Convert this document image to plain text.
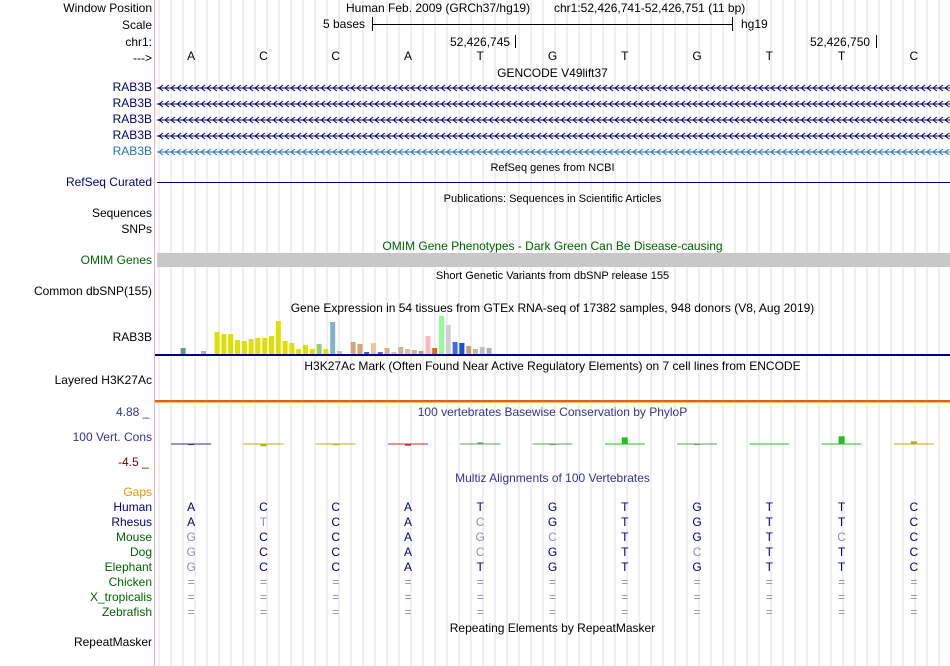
Window Position	Human Feb. 2009 (GRCh37/hg19) chr1:52,426,741-52,426,751 (11 bp)
Scale	5 bases	hg19
chr1:	52,426,745	52,426,750
--->	A	C	C	A	T	G	T	G	T	T	C
GENCODE V49lift37
RAB3B
RAB3B
RAB3B
RAB3B
RAB3B
RefSeq genes from NCBI
RefSeq Curated
Publications: Sequences in Scientific Articles
Sequences
SNPs
OMIM Gene Phenotypes - Dark Green Can Be Disease-causing
OMIM Genes
Short Genetic Variants from dbSNP release 155
Common dbSNP(155)
Gene Expression in 54 tissues from GTEx RNA-seq of 17382 samples, 948 donors (V8, Aug 2019)
RAB3B
H3K27Ac Mark (Often Found Near Active Regulatory Elements) on 7 cell lines from ENCODE
Layered H3K27Ac
4.88 _	100 vertebrates Basewise Conservation by PhyloP
100 Vert. Cons
-4.5 _
Multiz Alignments of 100 Vertebrates
Gaps
Human	A	C	C	A	T	G	T	G	T	T	C
Rhesus	A	T	C	A	C	G	T	G	T	T	C
Mouse	G	C	C	A	G	C	T	G	T	C	C
Dog	G	C	C	A	C	G	T	C	T	T	C
Elephant	G	C	C	A	T	G	T	G	T	T	C
Chicken	=	=	=	=	=	=	=	=	=	=	=
X_tropicalis	=	=	=	=	=	=	=	=	=	=	=
Zebrafish	=	=	=	=	=	=	=	=	=	=	=
Repeating Elements by RepeatMasker
RepeatMasker
